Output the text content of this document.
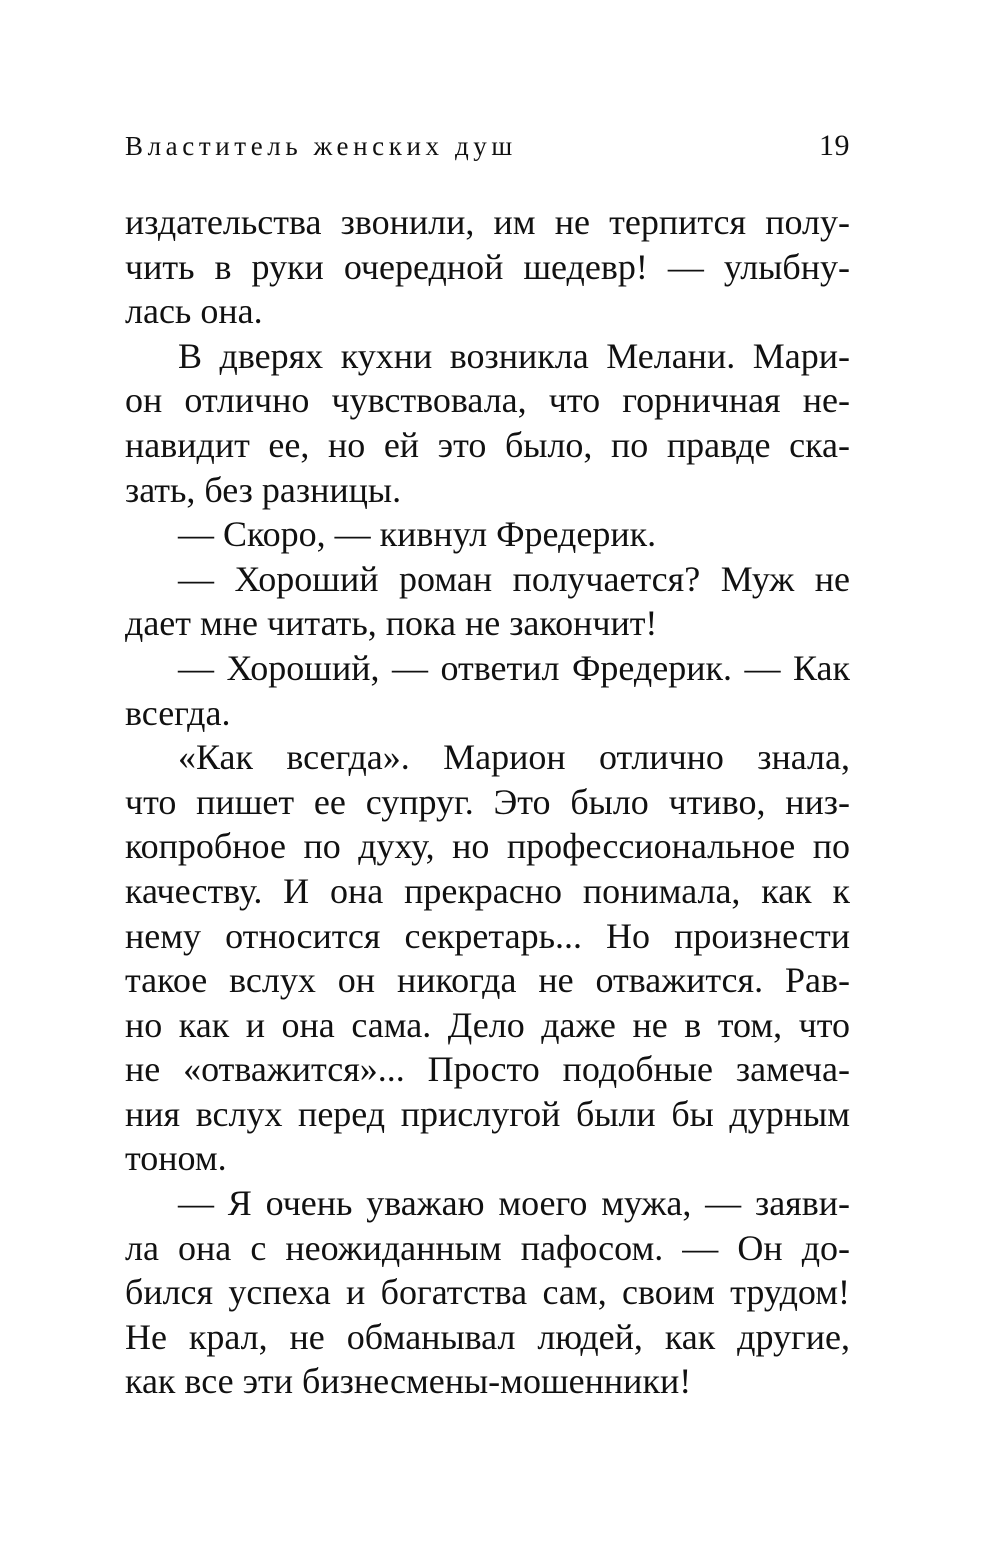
Властитель женских душ	19
издательства звонили, им не терпится полу-
чить в руки очередной шедевр! — улыбну-
лась она.
В дверях кухни возникла Мелани. Мари-
он отлично чувствовала, что горничная не-
навидит ее, но ей это было, по правде ска-
зать, без разницы.
— Скоро, — кивнул Фредерик.
— Хороший роман получается? Муж не
дает мне читать, пока не закончит!
— Хороший, — ответил Фредерик. — Как
всегда.
«Как всегда». Марион отлично знала,
что пишет ее супруг. Это было чтиво, низ-
копробное по духу, но профессиональное по
качеству. И она прекрасно понимала, как к
нему относится секретарь... Но произнести
такое вслух он никогда не отважится. Рав-
но как и она сама. Дело даже не в том, что
не «отважится»... Просто подобные замеча-
ния вслух перед прислугой были бы дурным
тоном.
— Я очень уважаю моего мужа, — заяви-
ла она с неожиданным пафосом. — Он до-
бился успеха и богатства сам, своим трудом!
Не крал, не обманывал людей, как другие,
как все эти бизнесмены-мошенники!
